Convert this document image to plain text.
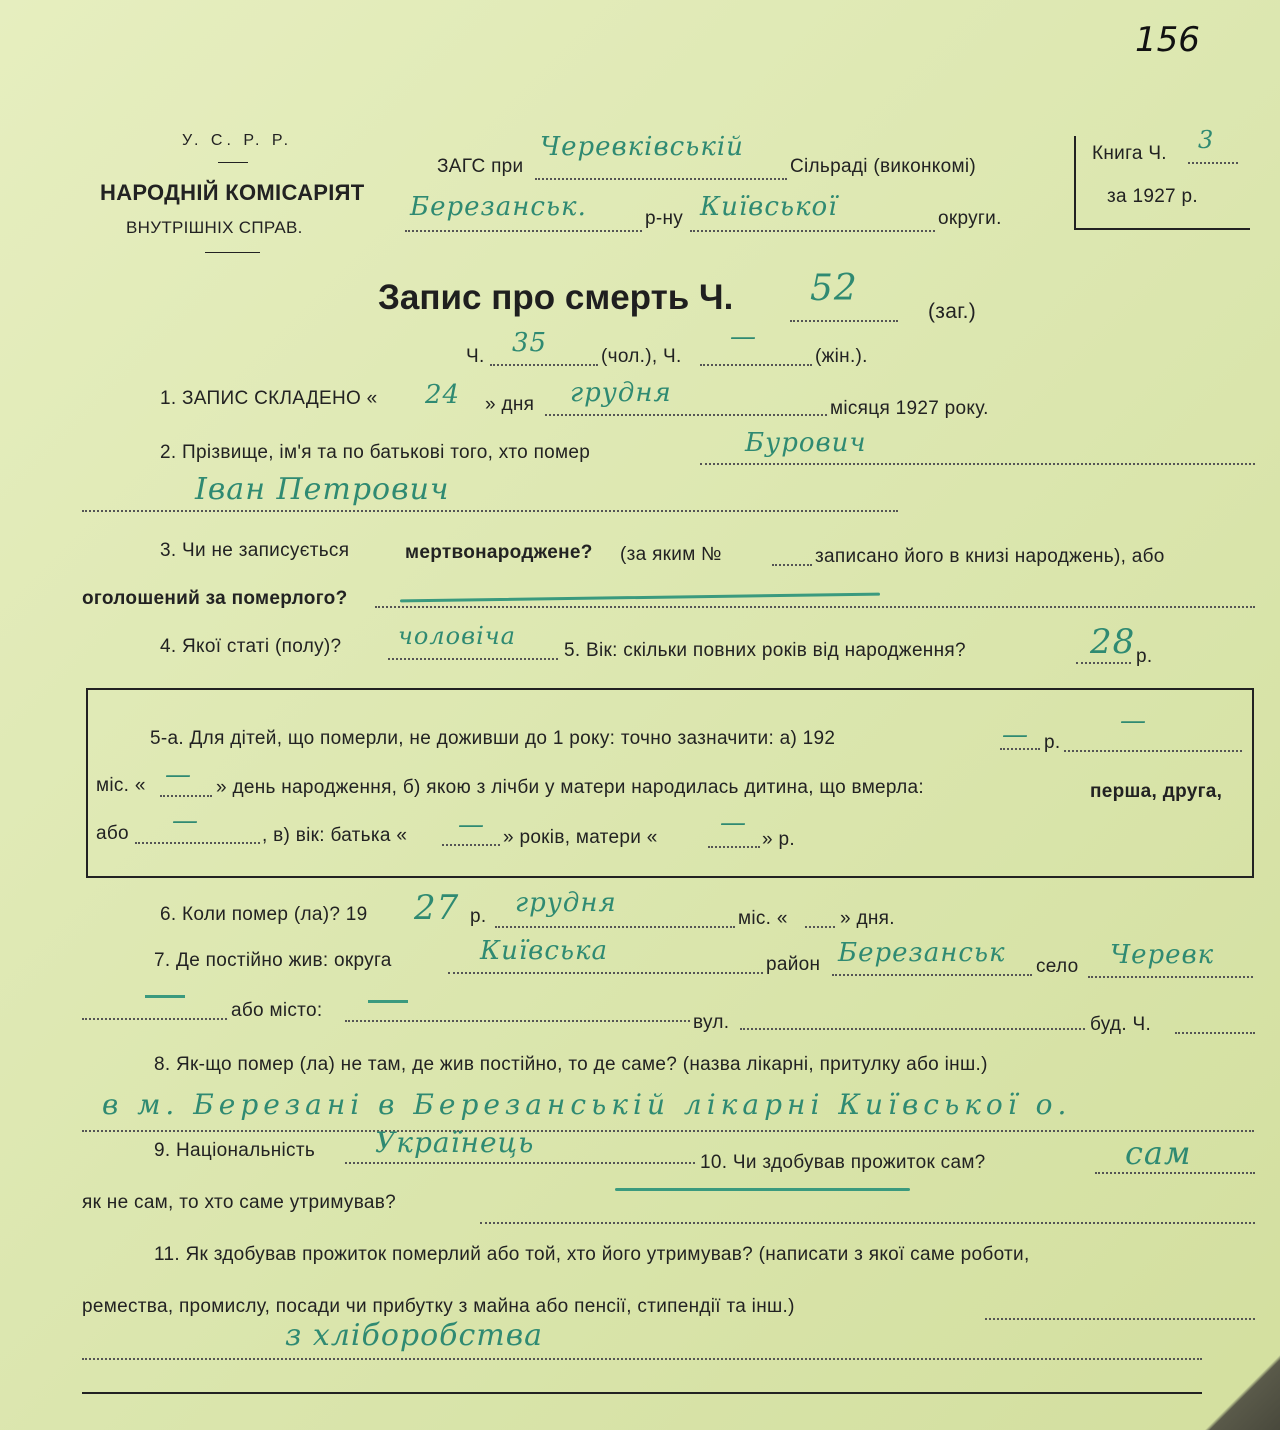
156
У. С. Р. Р.
НАРОДНІЙ КОМІСАРІЯТ
ВНУТРІШНІХ СПРАВ.
ЗАГС при
Черевківській
Сільраді (виконкомі)
Березанськ.	р-ну Київської	округи.
Книга Ч. 3
за 1927 р.
Запис про смерть Ч. 52
(заг.)
Ч. 35	(чол.), Ч.
—
(жін.).
1. ЗАПИС СКЛАДЕНО « 24 » дня грудня
місяця 1927 року.
2. Прізвище, ім'я та по батькові того, хто помер	Бурович
Іван Петрович
3. Чи не записується	мертвонароджене? (за яким №	записано його в книзі народжень), або
оголошений за померлого?
4. Якої статі (полу)? чоловіча
5. Вік: скільки повних років від народження?	28 р.
5-а. Для дітей, що померли, не доживши до 1 року: точно зазначити: а) 192	— р.
—
міс. « — » день народження, б) якою з лічби у матери народилась дитина, що вмерла:	перша, друга,
або —	, в) вік: батька « — » років, матери « —
» р.
6. Коли помер (ла)? 19 27 р. грудня
міс. «	» дня.
7. Де постійно жив: округа	Київська	район Березанськ село Черевк
або місто:
вул.	буд. Ч.
8. Як-що помер (ла) не там, де жив постійно, то де саме? (назва лікарні, притулку або інш.)
в м. Березані в Березанській лікарні Київської о.
9. Національність Українець
10. Чи здобував прожиток сам?	сам
як не сам, то хто саме утримував?
11. Як здобував прожиток померлий або той, хто його утримував? (написати з якої саме роботи,
ремества, промислу, посади чи прибутку з майна або пенсії, стипендії та інш.)
з хліборобства
